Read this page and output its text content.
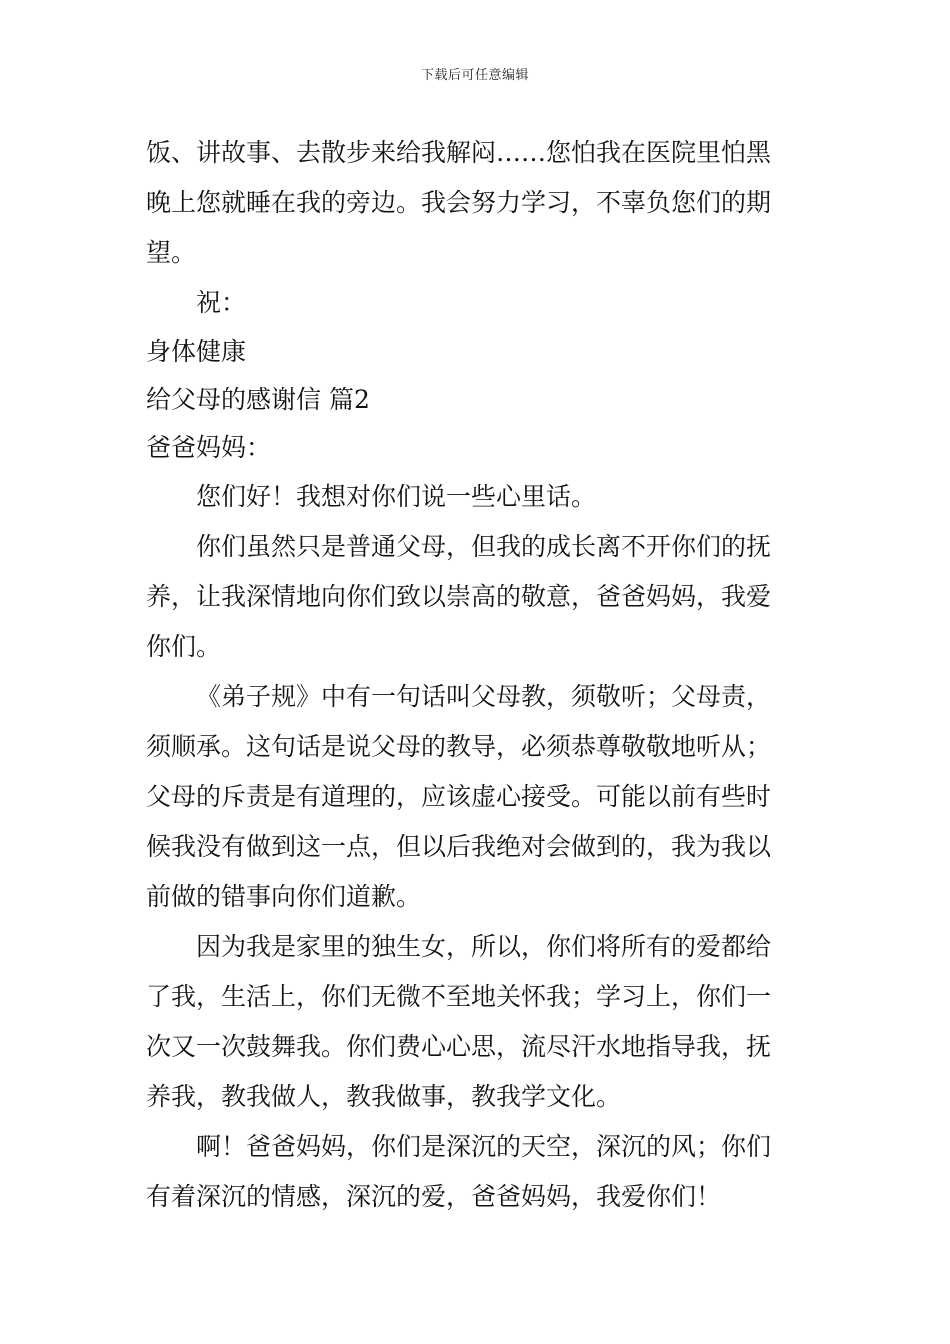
下载后可任意编辑
饭、讲故事、去散步来给我解闷……您怕我在医院里怕黑
晚上您就睡在我的旁边。我会努力学习，不辜负您们的期
望。
祝：
身体健康
给父母的感谢信 篇2
爸爸妈妈：
您们好！我想对你们说一些心里话。
你们虽然只是普通父母，但我的成长离不开你们的抚
养，让我深情地向你们致以崇高的敬意，爸爸妈妈，我爱
你们。
《弟子规》中有一句话叫父母教，须敬听；父母责，
须顺承。这句话是说父母的教导，必须恭尊敬敬地听从；
父母的斥责是有道理的，应该虚心接受。可能以前有些时
候我没有做到这一点，但以后我绝对会做到的，我为我以
前做的错事向你们道歉。
因为我是家里的独生女，所以，你们将所有的爱都给
了我，生活上，你们无微不至地关怀我；学习上，你们一
次又一次鼓舞我。你们费心心思，流尽汗水地指导我，抚
养我，教我做人，教我做事，教我学文化。
啊！爸爸妈妈，你们是深沉的天空，深沉的风；你们
有着深沉的情感，深沉的爱，爸爸妈妈，我爱你们！
